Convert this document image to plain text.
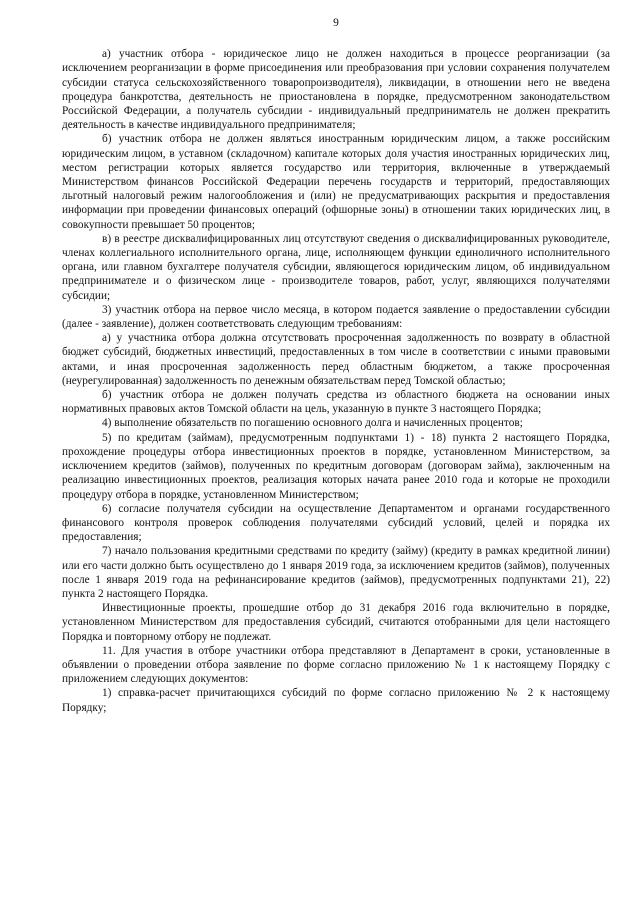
9

а) участник отбора - юридическое лицо не должен находиться в процессе реорганизации (за исключением реорганизации в форме присоединения или преобразования при условии сохранения получателем субсидии статуса сельскохозяйственного товаропроизводителя), ликвидации, в отношении него не введена процедура банкротства, деятельность не приостановлена в порядке, предусмотренном законодательством Российской Федерации, а получатель субсидии - индивидуальный предприниматель не должен прекратить деятельность в качестве индивидуального предпринимателя;

б) участник отбора не должен являться иностранным юридическим лицом, а также российским юридическим лицом, в уставном (складочном) капитале которых доля участия иностранных юридических лиц, местом регистрации которых является государство или территория, включенные в утверждаемый Министерством финансов Российской Федерации перечень государств и территорий, предоставляющих льготный налоговый режим налогообложения и (или) не предусматривающих раскрытия и предоставления информации при проведении финансовых операций (офшорные зоны) в отношении таких юридических лиц, в совокупности превышает 50 процентов;

в) в реестре дисквалифицированных лиц отсутствуют сведения о дисквалифицированных руководителе, членах коллегиального исполнительного органа, лице, исполняющем функции единоличного исполнительного органа, или главном бухгалтере получателя субсидии, являющегося юридическим лицом, об индивидуальном предпринимателе и о физическом лице - производителе товаров, работ, услуг, являющихся получателями субсидии;

3) участник отбора на первое число месяца, в котором подается заявление о предоставлении субсидии (далее - заявление), должен соответствовать следующим требованиям:

а) у участника отбора должна отсутствовать просроченная задолженность по возврату в областной бюджет субсидий, бюджетных инвестиций, предоставленных в том числе в соответствии с иными правовыми актами, и иная просроченная задолженность перед областным бюджетом, а также просроченная (неурегулированная) задолженность по денежным обязательствам перед Томской областью;

б) участник отбора не должен получать средства из областного бюджета на основании иных нормативных правовых актов Томской области на цель, указанную в пункте 3 настоящего Порядка;

4) выполнение обязательств по погашению основного долга и начисленных процентов;

5) по кредитам (займам), предусмотренным подпунктами 1) - 18) пункта 2 настоящего Порядка, прохождение процедуры отбора инвестиционных проектов в порядке, установленном Министерством, за исключением кредитов (займов), полученных по кредитным договорам (договорам займа), заключенным на реализацию инвестиционных проектов, реализация которых начата ранее 2010 года и которые не проходили процедуру отбора в порядке, установленном Министерством;

6) согласие получателя субсидии на осуществление Департаментом и органами государственного финансового контроля проверок соблюдения получателями субсидий условий, целей и порядка их предоставления;

7) начало пользования кредитными средствами по кредиту (займу) (кредиту в рамках кредитной линии) или его части должно быть осуществлено до 1 января 2019 года, за исключением кредитов (займов), полученных после 1 января 2019 года на рефинансирование кредитов (займов), предусмотренных подпунктами 21), 22) пункта 2 настоящего Порядка.

Инвестиционные проекты, прошедшие отбор до 31 декабря 2016 года включительно в порядке, установленном Министерством для предоставления субсидий, считаются отобранными для цели настоящего Порядка и повторному отбору не подлежат.

11. Для участия в отборе участники отбора представляют в Департамент в сроки, установленные в объявлении о проведении отбора заявление по форме согласно приложению № 1 к настоящему Порядку с приложением следующих документов:

1) справка-расчет причитающихся субсидий по форме согласно приложению № 2 к настоящему Порядку;
